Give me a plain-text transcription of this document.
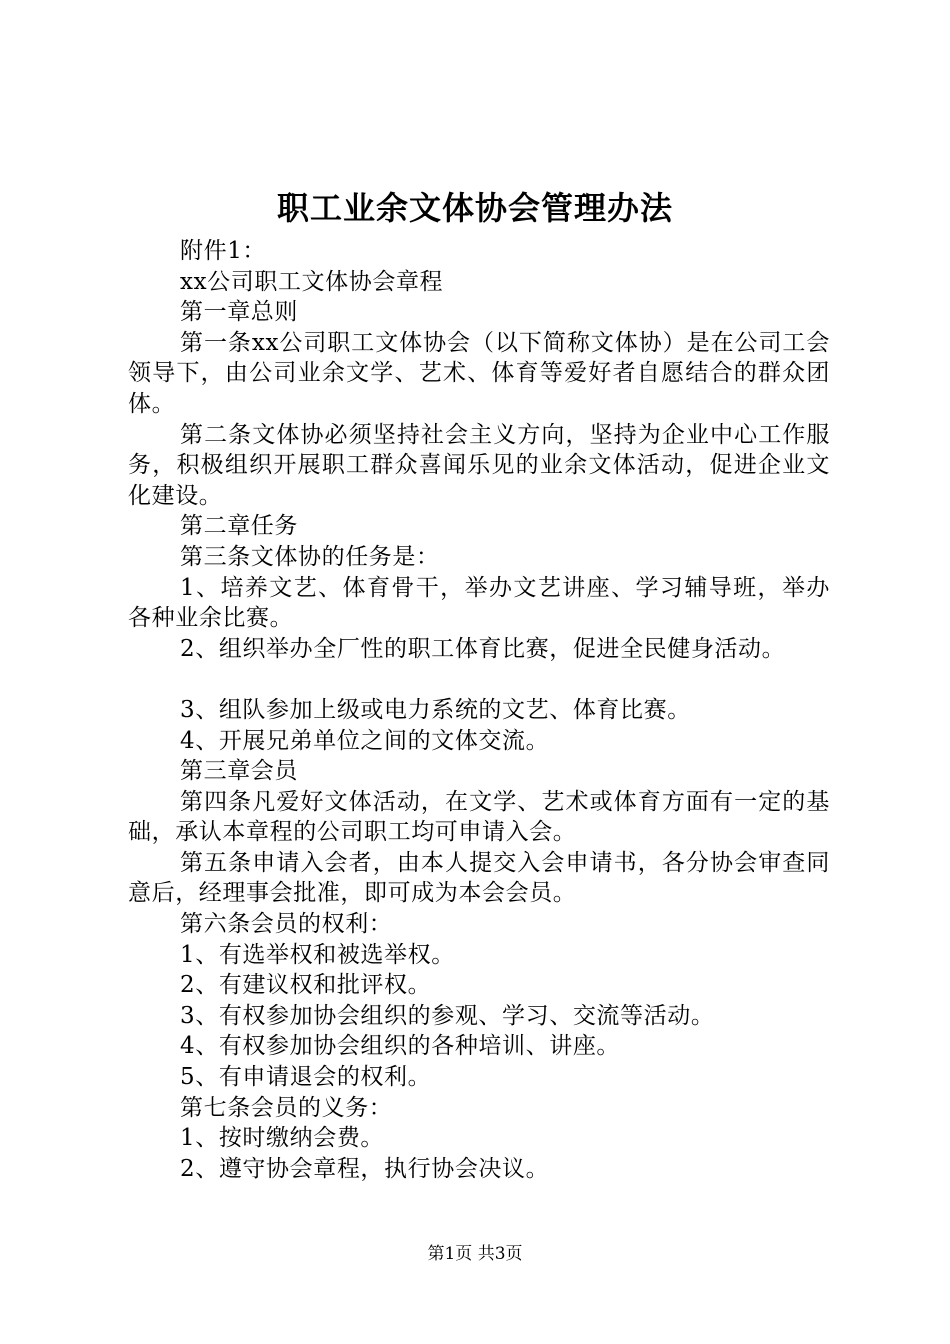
职工业余文体协会管理办法

附件1：

xx公司职工文体协会章程

第一章总则

第一条xx公司职工文体协会（以下简称文体协）是在公司工会领导下，由公司业余文学、艺术、体育等爱好者自愿结合的群众团体。

第二条文体协必须坚持社会主义方向，坚持为企业中心工作服务，积极组织开展职工群众喜闻乐见的业余文体活动，促进企业文化建设。

第二章任务

第三条文体协的任务是：

1、培养文艺、体育骨干，举办文艺讲座、学习辅导班，举办各种业余比赛。

2、组织举办全厂性的职工体育比赛，促进全民健身活动。

3、组队参加上级或电力系统的文艺、体育比赛。

4、开展兄弟单位之间的文体交流。

第三章会员

第四条凡爱好文体活动，在文学、艺术或体育方面有一定的基础，承认本章程的公司职工均可申请入会。

第五条申请入会者，由本人提交入会申请书，各分协会审查同意后，经理事会批准，即可成为本会会员。

第六条会员的权利：

1、有选举权和被选举权。

2、有建议权和批评权。

3、有权参加协会组织的参观、学习、交流等活动。

4、有权参加协会组织的各种培训、讲座。

5、有申请退会的权利。

第七条会员的义务：

1、按时缴纳会费。

2、遵守协会章程，执行协会决议。

第1页 共3页
